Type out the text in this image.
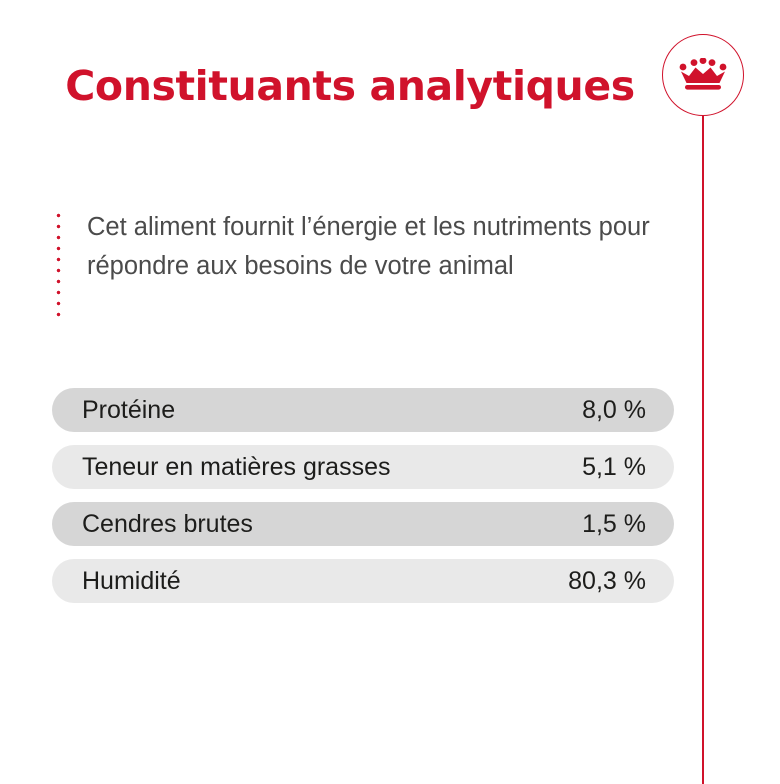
Constituants analytiques
Cet aliment fournit l’énergie et les nutriments pour répondre aux besoins de votre animal
Protéine	8,0 %
Teneur en matières grasses	5,1 %
Cendres brutes	1,5 %
Humidité	80,3 %
